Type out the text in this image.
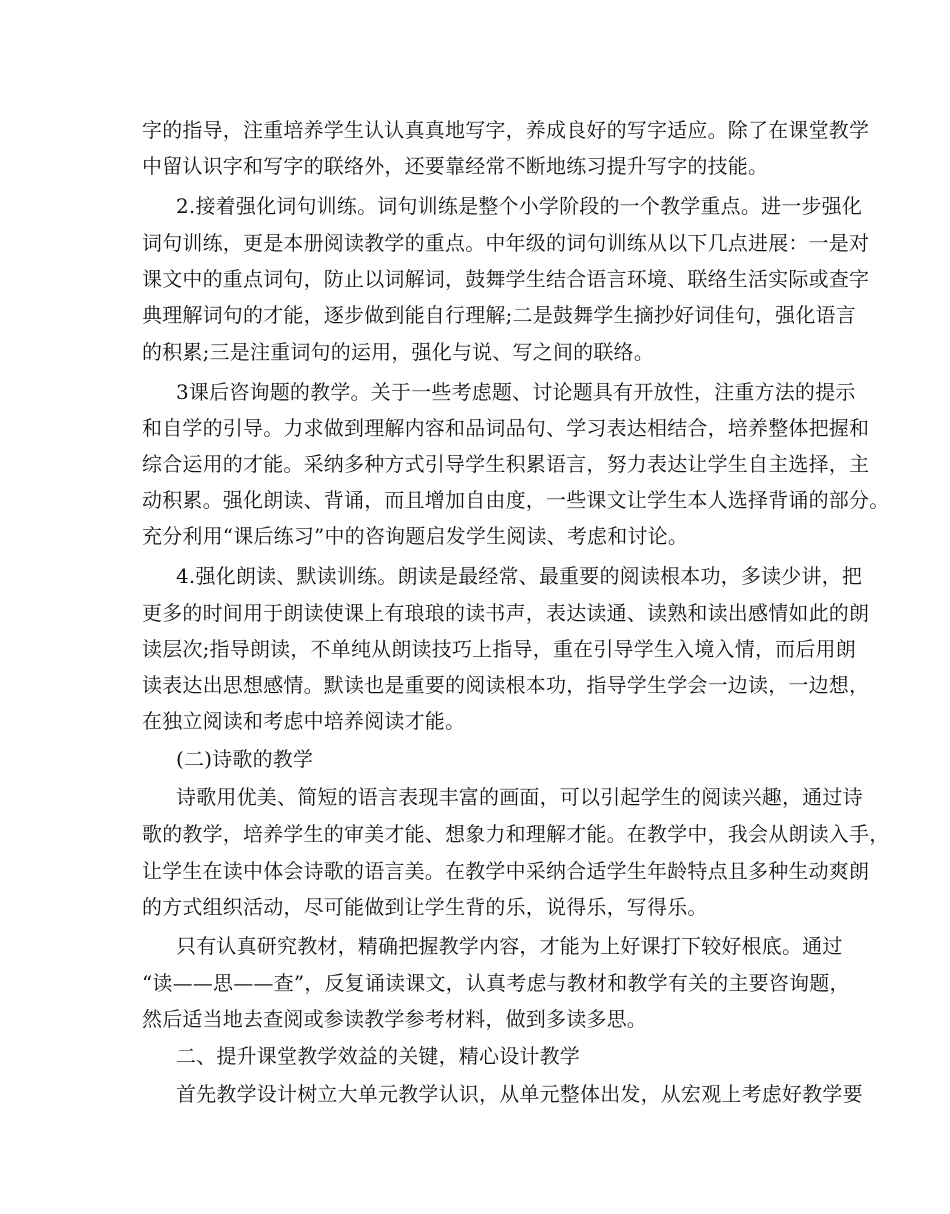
字的指导，注重培养学生认认真真地写字，养成良好的写字适应。除了在课堂教学
中留认识字和写字的联络外，还要靠经常不断地练习提升写字的技能。
2.接着强化词句训练。词句训练是整个小学阶段的一个教学重点。进一步强化
词句训练，更是本册阅读教学的重点。中年级的词句训练从以下几点进展：一是对
课文中的重点词句，防止以词解词，鼓舞学生结合语言环境、联络生活实际或查字
典理解词句的才能，逐步做到能自行理解;二是鼓舞学生摘抄好词佳句，强化语言
的积累;三是注重词句的运用，强化与说、写之间的联络。
3课后咨询题的教学。关于一些考虑题、讨论题具有开放性，注重方法的提示
和自学的引导。力求做到理解内容和品词品句、学习表达相结合，培养整体把握和
综合运用的才能。采纳多种方式引导学生积累语言，努力表达让学生自主选择，主
动积累。强化朗读、背诵，而且增加自由度，一些课文让学生本人选择背诵的部分。
充分利用“课后练习”中的咨询题启发学生阅读、考虑和讨论。
4.强化朗读、默读训练。朗读是最经常、最重要的阅读根本功，多读少讲，把
更多的时间用于朗读使课上有琅琅的读书声，表达读通、读熟和读出感情如此的朗
读层次;指导朗读，不单纯从朗读技巧上指导，重在引导学生入境入情，而后用朗
读表达出思想感情。默读也是重要的阅读根本功，指导学生学会一边读，一边想，
在独立阅读和考虑中培养阅读才能。
(二)诗歌的教学
诗歌用优美、简短的语言表现丰富的画面，可以引起学生的阅读兴趣，通过诗
歌的教学，培养学生的审美才能、想象力和理解才能。在教学中，我会从朗读入手，
让学生在读中体会诗歌的语言美。在教学中采纳合适学生年龄特点且多种生动爽朗
的方式组织活动，尽可能做到让学生背的乐，说得乐，写得乐。
只有认真研究教材，精确把握教学内容，才能为上好课打下较好根底。通过
“读——思——查”，反复诵读课文，认真考虑与教材和教学有关的主要咨询题，
然后适当地去查阅或参读教学参考材料，做到多读多思。
二、提升课堂教学效益的关键，精心设计教学
首先教学设计树立大单元教学认识，从单元整体出发，从宏观上考虑好教学要
